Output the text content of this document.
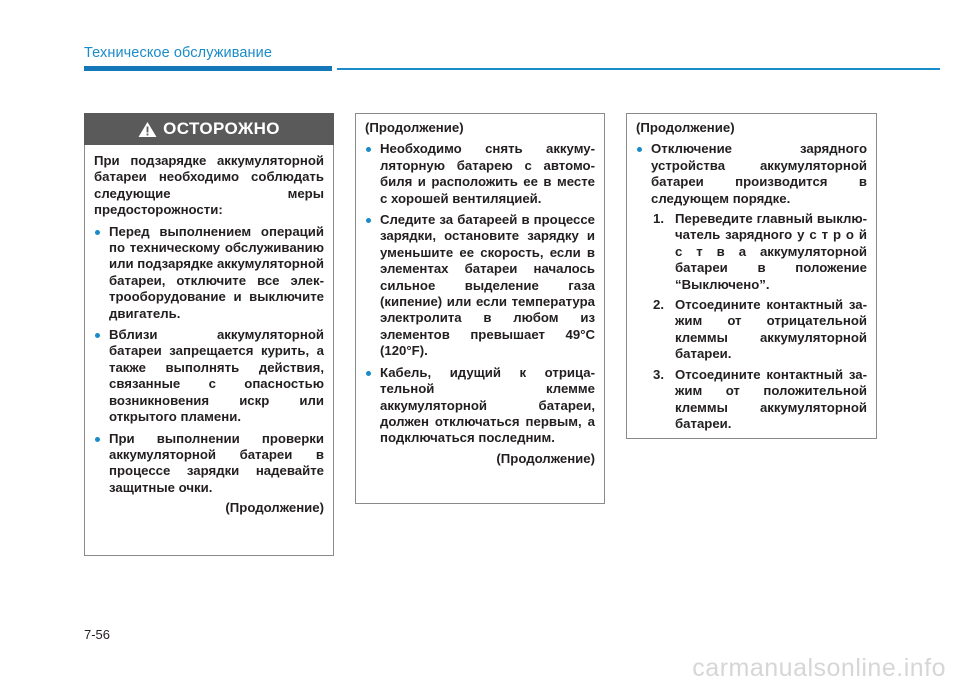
Техническое обслуживание
ОСТОРОЖНО

При подзарядке аккумуляторной батареи необходимо соблюдать следующие меры предосторожности:

Перед выполнением операций по техническому обслуживанию или подзарядке аккумуляторной батареи, отключите все элек-трооборудование и выключите двигатель.

Вблизи аккумуляторной батареи запрещается курить, а также выполнять действия, связанные с опасностью возникновения искр или открытого пламени.

При выполнении проверки аккумуляторной батареи в процессе зарядки надевайте защитные очки.

(Продолжение)

(Продолжение)

Необходимо снять аккуму-ляторную батарею с автомо-биля и расположить ее в месте с хорошей вентиляцией.

Следите за батареей в процессе зарядки, остановите зарядку и уменьшите ее скорость, если в элементах батареи началось сильное выделение газа (кипение) или если температура электролита в любом из элементов превышает 49°C (120°F).

Кабель, идущий к отрица-тельной клемме аккумуляторной батареи, должен отключаться первым, а подключаться последним.

(Продолжение)

(Продолжение)

Отключение зарядного устройства аккумуляторной батареи производится в следующем порядке.

1. Переведите главный выклю-чатель зарядного у с т р о й с т в а аккумуляторной батареи в положение “Выключено”.

2. Отсоедините контактный за-жим от отрицательной клеммы аккумуляторной батареи.

3. Отсоедините контактный за-жим от положительной клеммы аккумуляторной батареи.

7-56
carmanualsonline.info
